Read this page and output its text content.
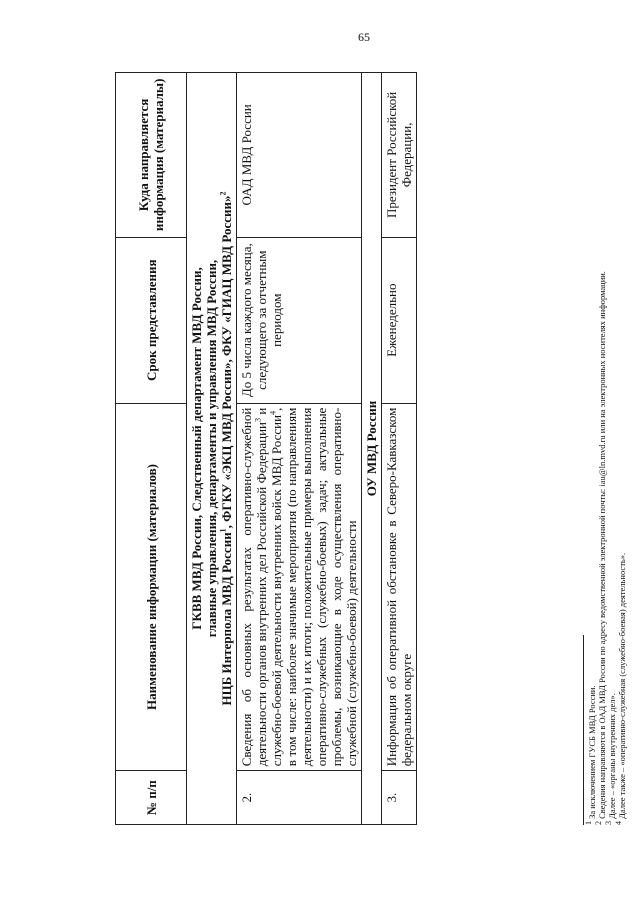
65
№ п/п	Наименование информации (материалов)	Срок представления	Куда направляется информация (материалы)

ГКВВ МВД России, Следственный департамент МВД России, главные управления, департаменты и управления МВД России, НЦБ Интерпола МВД России$^1$, ФГКУ «ЭКЦ МВД России», ФКУ «ГИАЦ МВД России»$^2$

2.	Сведения об основных результатах оперативно-служебной деятельности органов внутренних дел Российской Федерации$^3$ и служебно-боевой деятельности внутренних войск МВД России$^4$, в том числе: наиболее значимые мероприятия (по направлениям деятельности) и их итоги; положительные примеры выполнения оперативно-служебных (служебно-боевых) задач; актуальные проблемы, возникающие в ходе осуществления оперативно-служебной (служебно-боевой) деятельности	До 5 числа каждого месяца, следующего за отчетным периодом	ОАД МВД России
ОУ МВД России			
3.	Информация об оперативной обстановке в Северо-Кавказском федеральном округе	Еженедельно	Президент Российской Федерации,
$^1$ За исключением ГУСБ МВД России.
$^2$ Сведения направляются в ОАД МВД России по адресу ведомственной электронной почты: iau@ln.mvd.ru или на электронных носителях информации.
$^3$ Далее – «органы внутренних дел».
$^4$ Далее также – «оперативно-служебная (служебно-боевая) деятельность».
